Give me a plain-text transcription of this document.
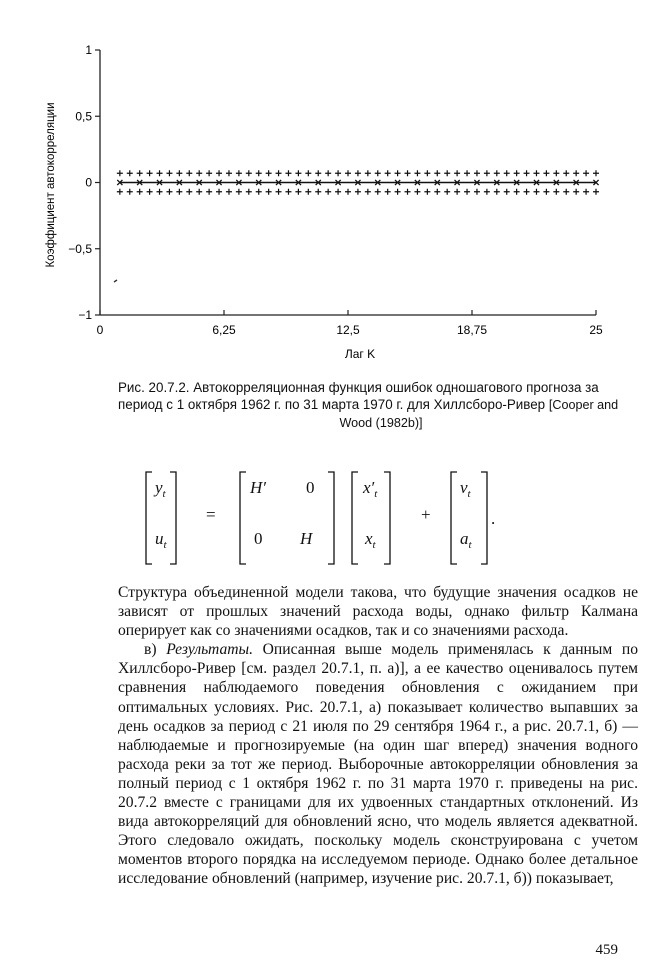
1
0,5
0
−0,5
−1
0	6,25	12,5	18,75	25
Коэффициент автокорреляции
Лаг K
Рис. 20.7.2. Автокорреляционная функция ошибок одношагового прогноза за период с 1 октября 1962 г. по 31 марта 1970 г. для Хиллсборо-Ривер [Cooper and
Wood (1982b)]
$y_t$
$u_t$
=
H′ 0
0 H
$x'_t$
$x_t$
+
$v_t$
$a_t$
.

Структура объединенной модели такова, что будущие значения осадков не зависят от прошлых значений расхода воды, однако фильтр Калмана оперирует как со значениями осадков, так и со значениями расхода.

в) Результаты. Описанная выше модель применялась к данным по Хиллсборо-Ривер [см. раздел 20.7.1, п. а)], а ее качество оценивалось путем сравнения наблюдаемого поведения обновления с ожиданием при оптимальных условиях. Рис. 20.7.1, а) показывает количество выпавших за день осадков за период с 21 июля по 29 сентября 1964 г., а рис. 20.7.1, б) — наблюдаемые и прогнозируемые (на один шаг вперед) значения водного расхода реки за тот же период. Выборочные автокорреляции обновления за полный период с 1 октября 1962 г. по 31 марта 1970 г. приведены на рис. 20.7.2 вместе с границами для их удвоенных стандартных отклонений. Из вида автокорреляций для обновлений ясно, что модель является адекватной. Этого следовало ожидать, поскольку модель сконструирована с учетом моментов второго порядка на исследуемом периоде. Однако более детальное исследование обновлений (например, изучение рис. 20.7.1, б)) показывает,

459
